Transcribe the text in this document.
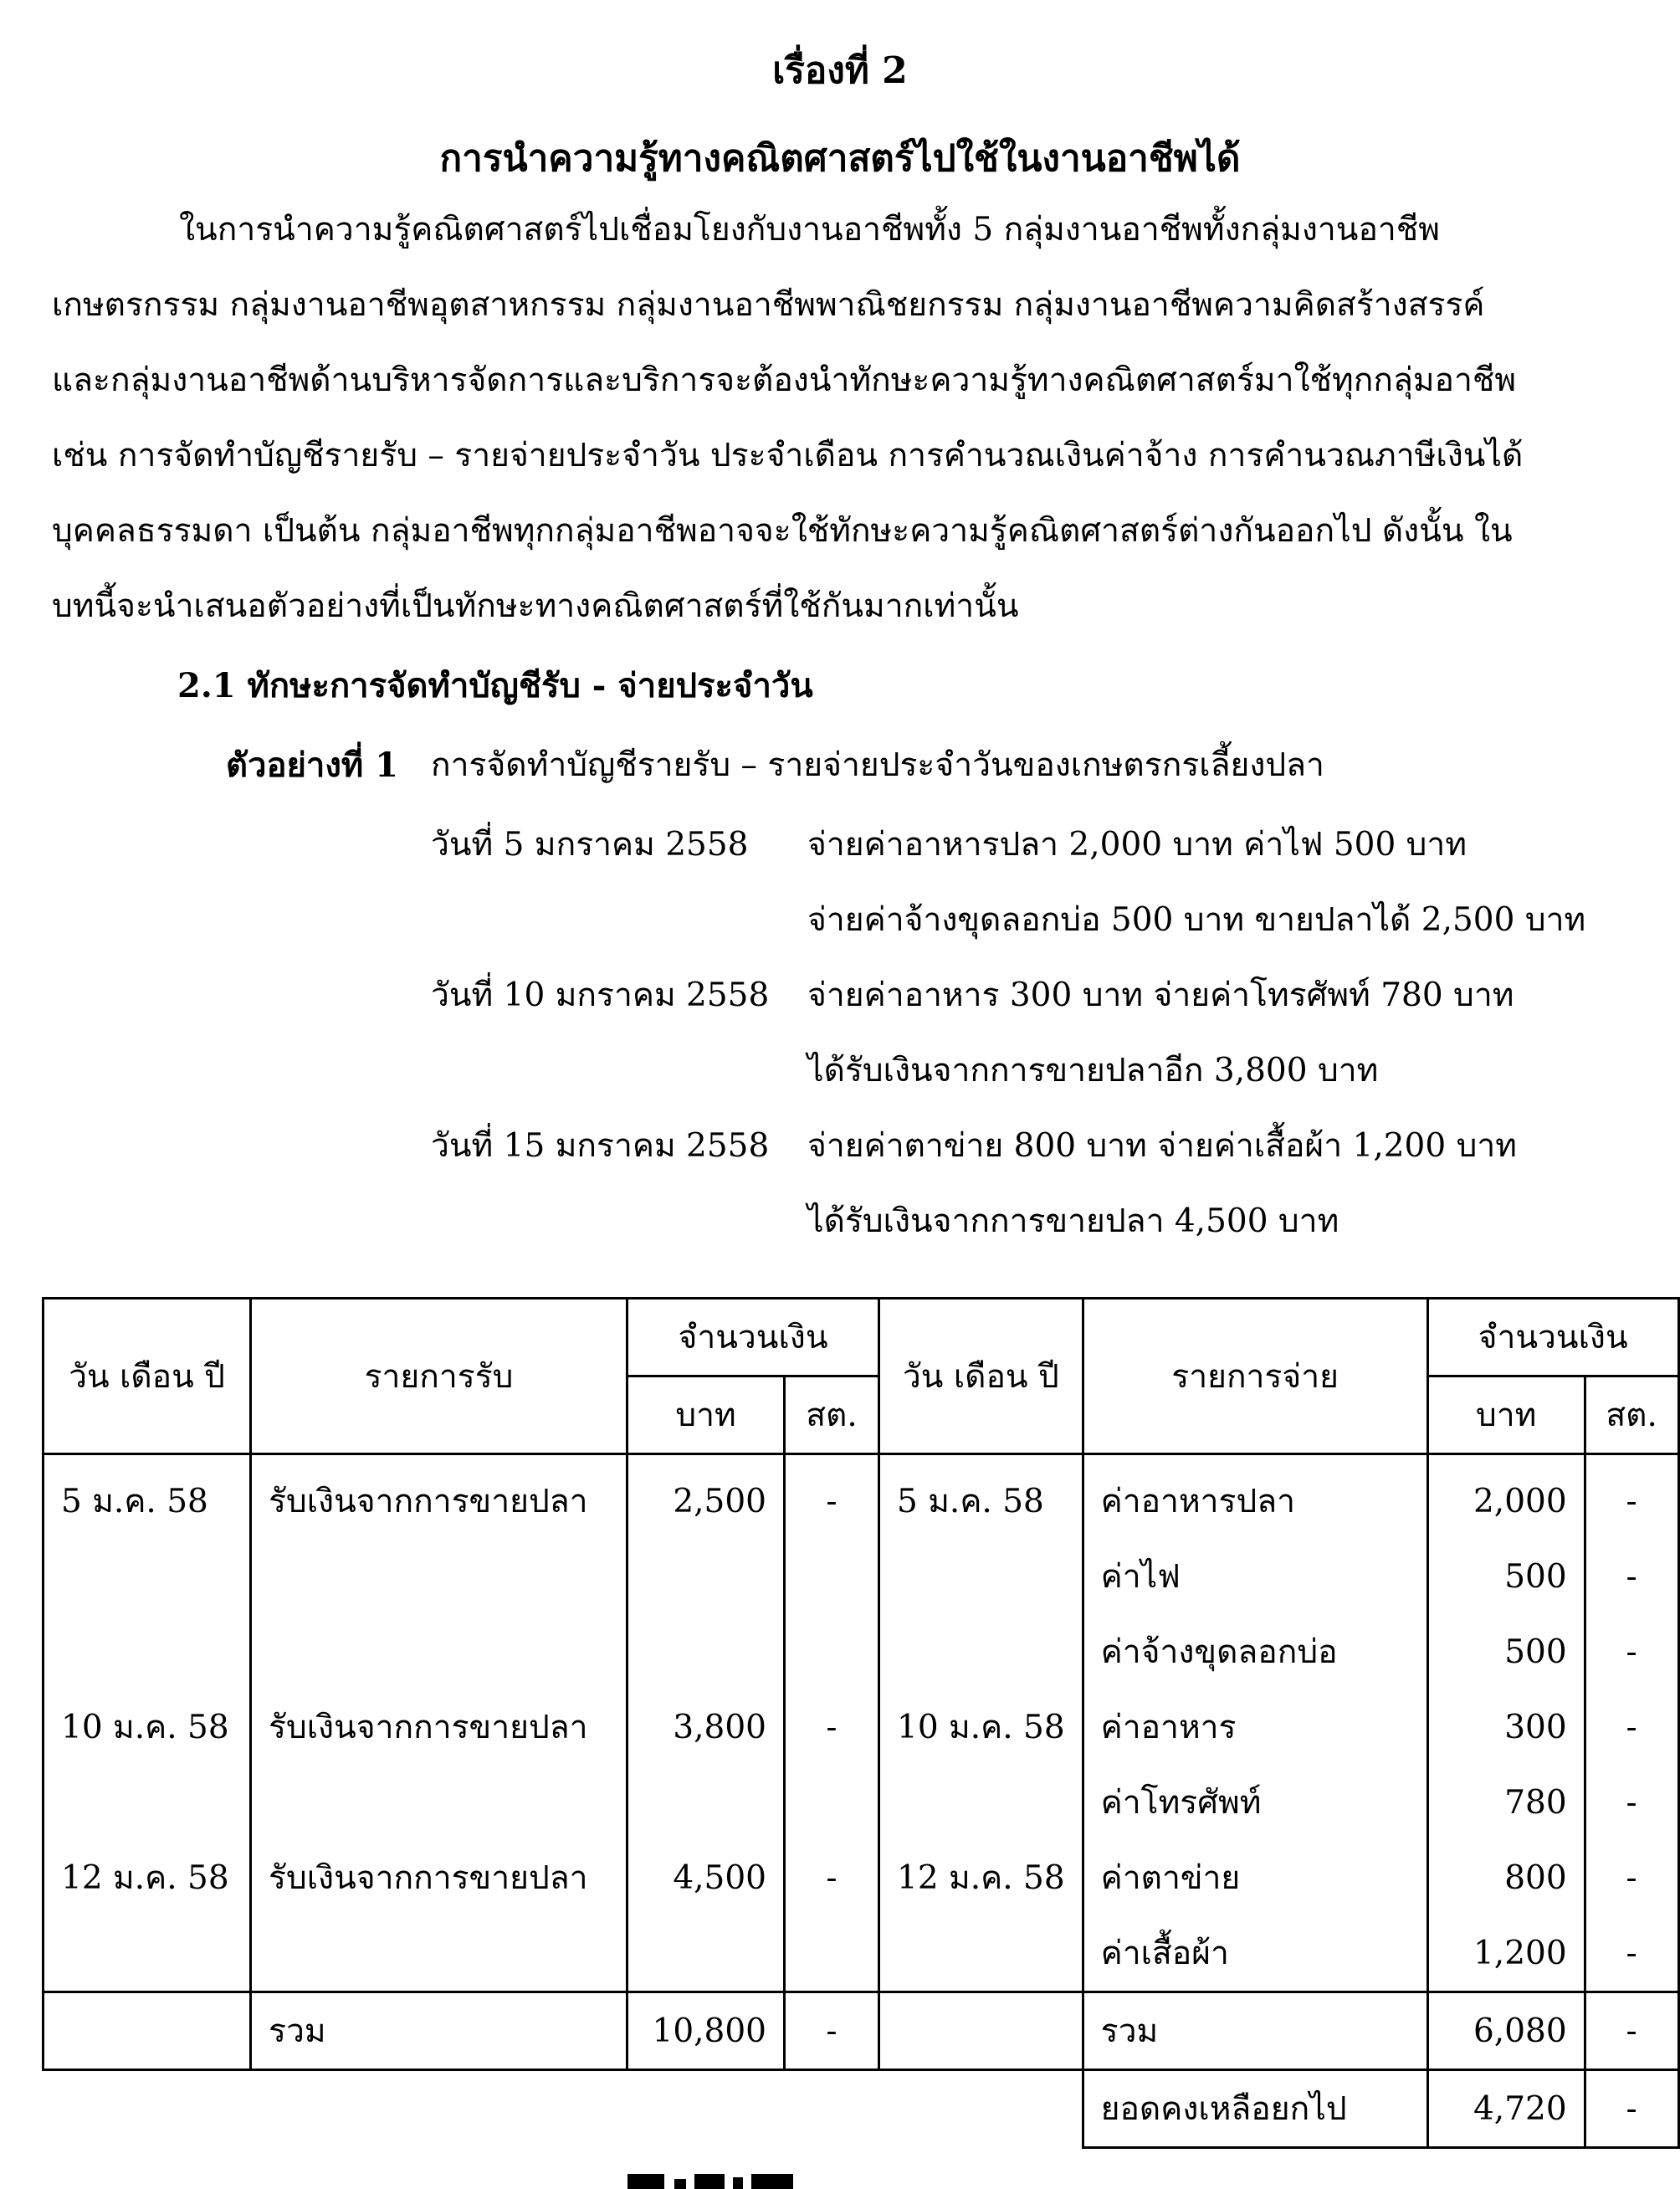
เรื่องที่ 2
การนำความรู้ทางคณิตศาสตร์ไปใช้ในงานอาชีพได้
ในการนำความรู้คณิตศาสตร์ไปเชื่อมโยงกับงานอาชีพทั้ง 5 กลุ่มงานอาชีพทั้งกลุ่มงานอาชีพ
เกษตรกรรม กลุ่มงานอาชีพอุตสาหกรรม กลุ่มงานอาชีพพาณิชยกรรม กลุ่มงานอาชีพความคิดสร้างสรรค์
และกลุ่มงานอาชีพด้านบริหารจัดการและบริการจะต้องนำทักษะความรู้ทางคณิตศาสตร์มาใช้ทุกกลุ่มอาชีพ
เช่น การจัดทำบัญชีรายรับ – รายจ่ายประจำวัน ประจำเดือน การคำนวณเงินค่าจ้าง การคำนวณภาษีเงินได้
บุคคลธรรมดา เป็นต้น กลุ่มอาชีพทุกกลุ่มอาชีพอาจจะใช้ทักษะความรู้คณิตศาสตร์ต่างกันออกไป ดังนั้น ใน
บทนี้จะนำเสนอตัวอย่างที่เป็นทักษะทางคณิตศาสตร์ที่ใช้กันมากเท่านั้น
2.1 ทักษะการจัดทำบัญชีรับ - จ่ายประจำวัน
ตัวอย่างที่ 1 การจัดทำบัญชีรายรับ – รายจ่ายประจำวันของเกษตรกรเลี้ยงปลา
วันที่ 5 มกราคม 2558 จ่ายค่าอาหารปลา 2,000 บาท ค่าไฟ 500 บาท
จ่ายค่าจ้างขุดลอกบ่อ 500 บาท ขายปลาได้ 2,500 บาท
วันที่ 10 มกราคม 2558 จ่ายค่าอาหาร 300 บาท จ่ายค่าโทรศัพท์ 780 บาท
ได้รับเงินจากการขายปลาอีก 3,800 บาท
วันที่ 15 มกราคม 2558 จ่ายค่าตาข่าย 800 บาท จ่ายค่าเสื้อผ้า 1,200 บาท
ได้รับเงินจากการขายปลา 4,500 บาท
วัน เดือน ปี	รายการรับ	จำนวนเงิน		วัน เดือน ปี	รายการจ่าย	จำนวนเงิน	
		บาท	สต.			บาท	สต.
5 ม.ค. 58	รับเงินจากการขายปลา	2,500	-	5 ม.ค. 58	ค่าอาหารปลา	2,000	-
					ค่าไฟ	500	-
					ค่าจ้างขุดลอกบ่อ	500	-
10 ม.ค. 58	รับเงินจากการขายปลา	3,800	-	10 ม.ค. 58	ค่าอาหาร	300	-
					ค่าโทรศัพท์	780	-
12 ม.ค. 58	รับเงินจากการขายปลา	4,500	-	12 ม.ค. 58	ค่าตาข่าย	800	-
					ค่าเสื้อผ้า	1,200	-
	รวม	10,800	-		รวม	6,080	-
					ยอดคงเหลือยกไป	4,720	-
